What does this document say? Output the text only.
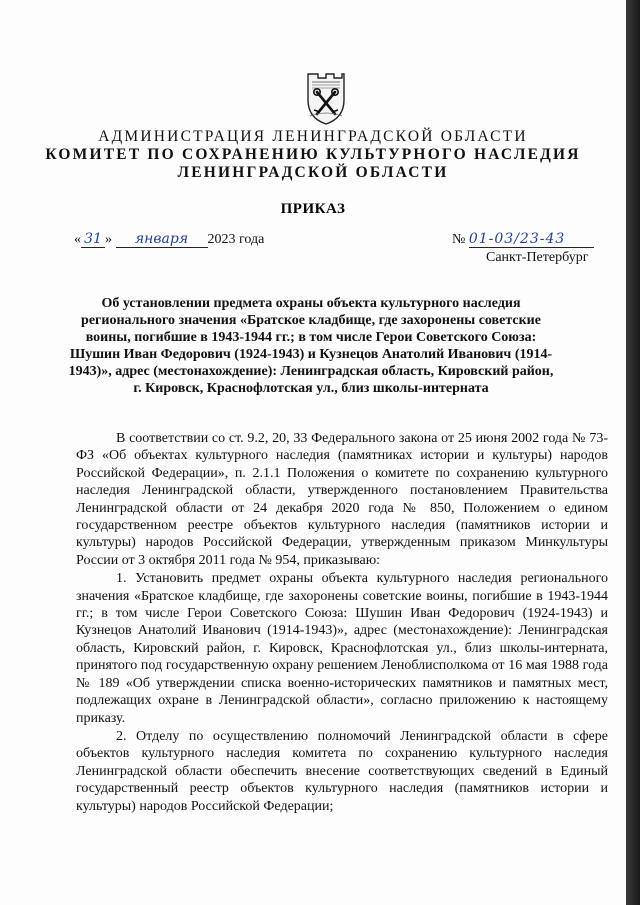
АДМИНИСТРАЦИЯ ЛЕНИНГРАДСКОЙ ОБЛАСТИ
КОМИТЕТ ПО СОХРАНЕНИЮ КУЛЬТУРНОГО НАСЛЕДИЯ
ЛЕНИНГРАДСКОЙ ОБЛАСТИ
ПРИКАЗ
« 31 » января 2023 года	№ 01-03/23-43
Санкт-Петербург
Об установлении предмета охраны объекта культурного наследия регионального значения «Братское кладбище, где захоронены советские воины, погибшие в 1943-1944 гг.; в том числе Герои Советского Союза: Шушин Иван Федорович (1924-1943) и Кузнецов Анатолий Иванович (1914-1943)», адрес (местонахождение): Ленинградская область, Кировский район, г. Кировск, Краснофлотская ул., близ школы-интерната

В соответствии со ст. 9.2, 20, 33 Федерального закона от 25 июня 2002 года № 73-ФЗ «Об объектах культурного наследия (памятниках истории и культуры) народов Российской Федерации», п. 2.1.1 Положения о комитете по сохранению культурного наследия Ленинградской области, утвержденного постановлением Правительства Ленинградской области от 24 декабря 2020 года № 850, Положением о едином государственном реестре объектов культурного наследия (памятников истории и культуры) народов Российской Федерации, утвержденным приказом Минкультуры России от 3 октября 2011 года № 954, приказываю:

1. Установить предмет охраны объекта культурного наследия регионального значения «Братское кладбище, где захоронены советские воины, погибшие в 1943-1944 гг.; в том числе Герои Советского Союза: Шушин Иван Федорович (1924-1943) и Кузнецов Анатолий Иванович (1914-1943)», адрес (местонахождение): Ленинградская область, Кировский район, г. Кировск, Краснофлотская ул., близ школы-интерната, принятого под государственную охрану решением Леноблисполкома от 16 мая 1988 года № 189 «Об утверждении списка военно-исторических памятников и памятных мест, подлежащих охране в Ленинградской области», согласно приложению к настоящему приказу.

2. Отделу по осуществлению полномочий Ленинградской области в сфере объектов культурного наследия комитета по сохранению культурного наследия Ленинградской области обеспечить внесение соответствующих сведений в Единый государственный реестр объектов культурного наследия (памятников истории и культуры) народов Российской Федерации;
